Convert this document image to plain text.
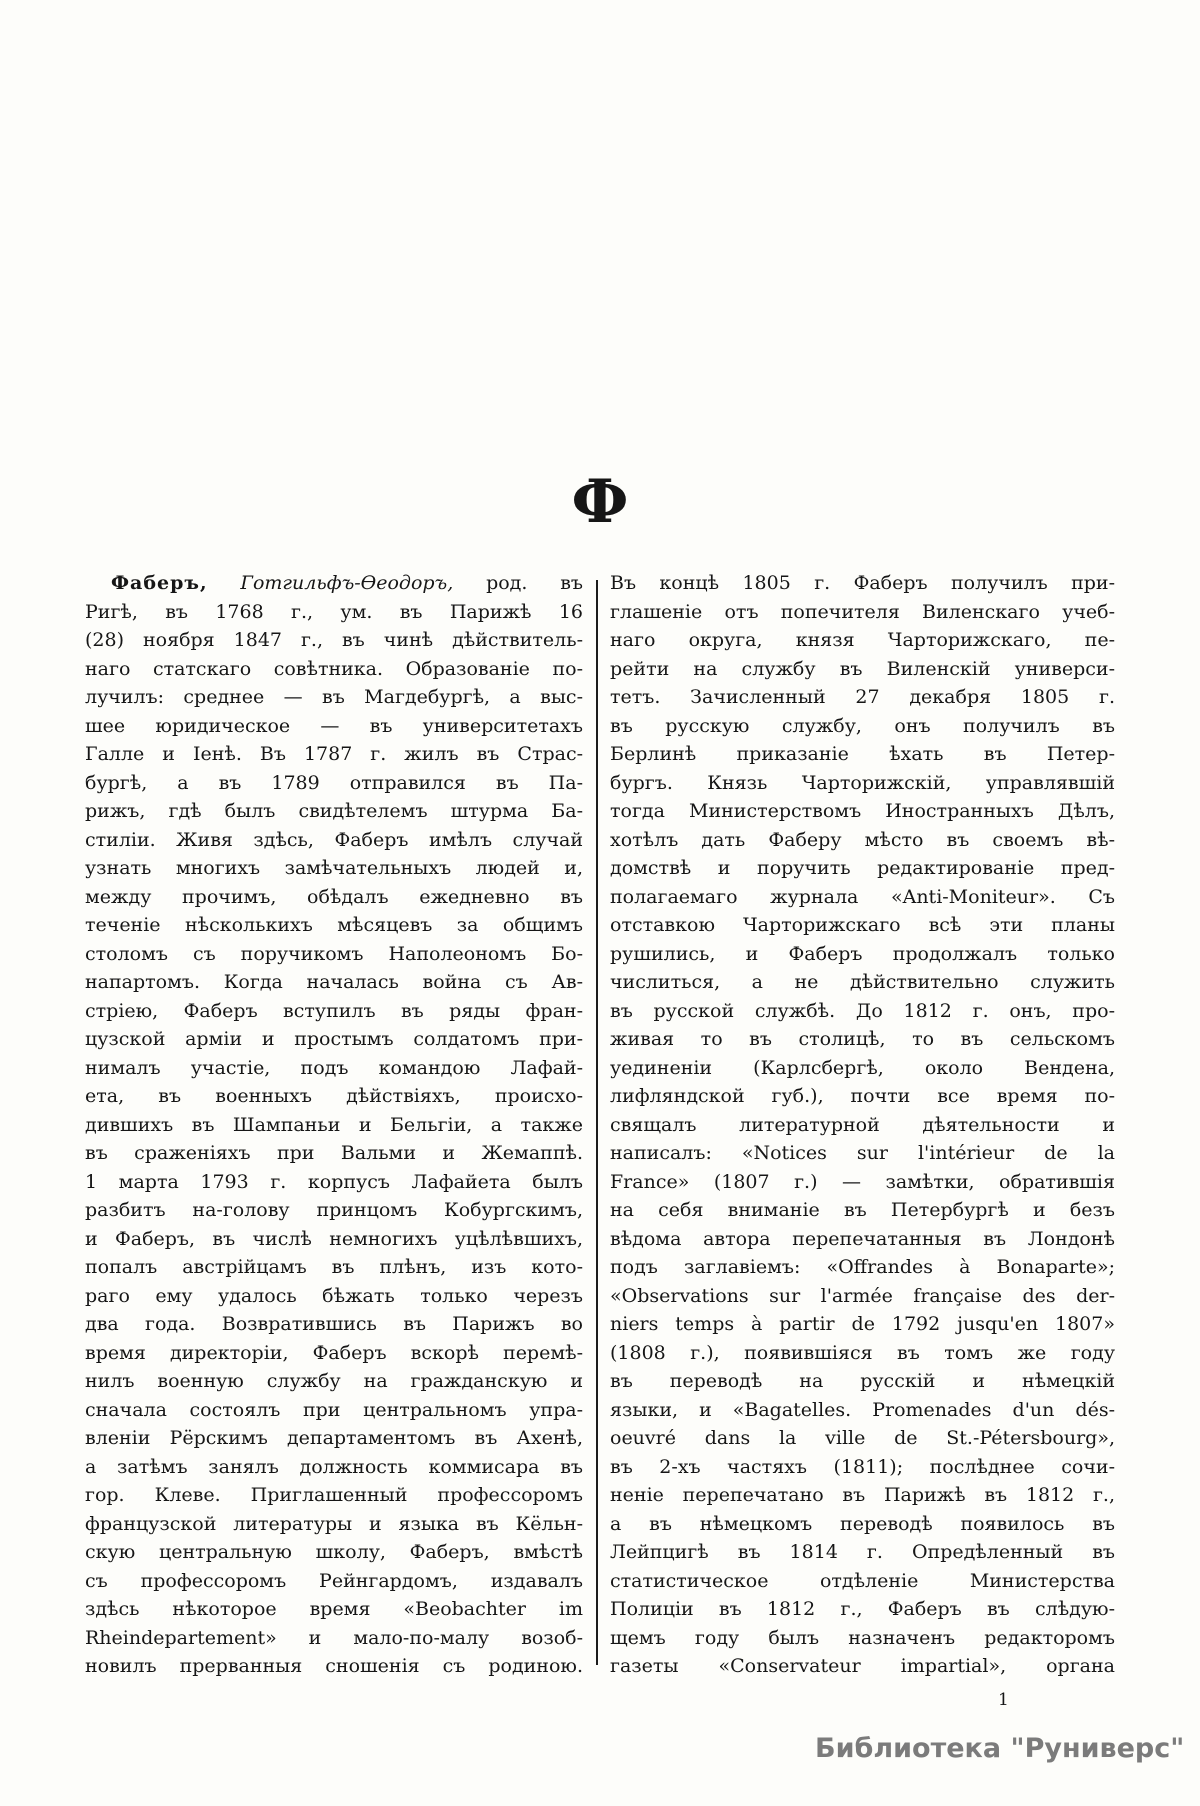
Ф
Фаберъ, Готгильфъ-Ѳеодоръ, род. въ
Ригѣ, въ 1768 г., ум. въ Парижѣ 16
(28) ноября 1847 г., въ чинѣ дѣйствитель-
наго статскаго совѣтника. Образованіе по-
лучилъ: среднее — въ Магдебургѣ, а выс-
шее юридическое — въ университетахъ
Галле и Іенѣ. Въ 1787 г. жилъ въ Страс-
бургѣ, а въ 1789 отправился въ Па-
рижъ, гдѣ былъ свидѣтелемъ штурма Ба-
стиліи. Живя здѣсь, Фаберъ имѣлъ случай
узнать многихъ замѣчательныхъ людей и,
между прочимъ, обѣдалъ ежедневно въ
теченіе нѣсколькихъ мѣсяцевъ за общимъ
столомъ съ поручикомъ Наполеономъ Бо-
напартомъ. Когда началась война съ Ав-
стріею, Фаберъ вступилъ въ ряды фран-
цузской арміи и простымъ солдатомъ при-
нималъ участіе, подъ командою Лафай-
ета, въ военныхъ дѣйствіяхъ, происхо-
дившихъ въ Шампаньи и Бельгіи, а также
въ сраженіяхъ при Вальми и Жемаппѣ.
1 марта 1793 г. корпусъ Лафайета былъ
разбитъ на-голову принцомъ Кобургскимъ,
и Фаберъ, въ числѣ немногихъ уцѣлѣвшихъ,
попалъ австрійцамъ въ плѣнъ, изъ кото-
раго ему удалось бѣжать только черезъ
два года. Возвратившись въ Парижъ во
время директоріи, Фаберъ вскорѣ перемѣ-
нилъ военную службу на гражданскую и
сначала состоялъ при центральномъ упра-
вленіи Рёрскимъ департаментомъ въ Ахенѣ,
а затѣмъ занялъ должность коммисара въ
гор. Клеве. Приглашенный профессоромъ
французской литературы и языка въ Кёльн-
скую центральную школу, Фаберъ, вмѣстѣ
съ профессоромъ Рейнгардомъ, издавалъ
здѣсь нѣкоторое время «Beobachter im
Rheindepartement» и мало-по-малу возоб-
новилъ прерванныя сношенія съ родиною.
Въ концѣ 1805 г. Фаберъ получилъ при-
глашеніе отъ попечителя Виленскаго учеб-
наго округа, князя Чарторижскаго, пе-
рейти на службу въ Виленскій универси-
тетъ. Зачисленный 27 декабря 1805 г.
въ русскую службу, онъ получилъ въ
Берлинѣ приказаніе ѣхать въ Петер-
бургъ. Князь Чарторижскій, управлявшій
тогда Министерствомъ Иностранныхъ Дѣлъ,
хотѣлъ дать Фаберу мѣсто въ своемъ вѣ-
домствѣ и поручить редактированіе пред-
полагаемаго журнала «Anti-Moniteur». Съ
отставкою Чарторижскаго всѣ эти планы
рушились, и Фаберъ продолжалъ только
числиться, а не дѣйствительно служить
въ русской службѣ. До 1812 г. онъ, про-
живая то въ столицѣ, то въ сельскомъ
уединеніи (Карлсбергѣ, около Вендена,
лифляндской губ.), почти все время по-
свящалъ литературной дѣятельности и
написалъ: «Notices sur l'intérieur de la
France» (1807 г.) — замѣтки, обратившія
на себя вниманіе въ Петербургѣ и безъ
вѣдома автора перепечатанныя въ Лондонѣ
подъ заглавіемъ: «Offrandes à Bonaparte»;
«Observations sur l'armée française des der-
niers temps à partir de 1792 jusqu'en 1807»
(1808 г.), появившіяся въ томъ же году
въ переводѣ на русскій и нѣмецкій
языки, и «Bagatelles. Promenades d'un dés-
oeuvré dans la ville de St.-Pétersbourg»,
въ 2-хъ частяхъ (1811); послѣднее сочи-
неніе перепечатано въ Парижѣ въ 1812 г.,
а въ нѣмецкомъ переводѣ появилось въ
Лейпцигѣ въ 1814 г. Опредѣленный въ
статистическое отдѣленіе Министерства
Полиціи въ 1812 г., Фаберъ въ слѣдую-
щемъ году былъ назначенъ редакторомъ
газеты «Conservateur impartial», органа
1
Библиотека "Руниверс"
